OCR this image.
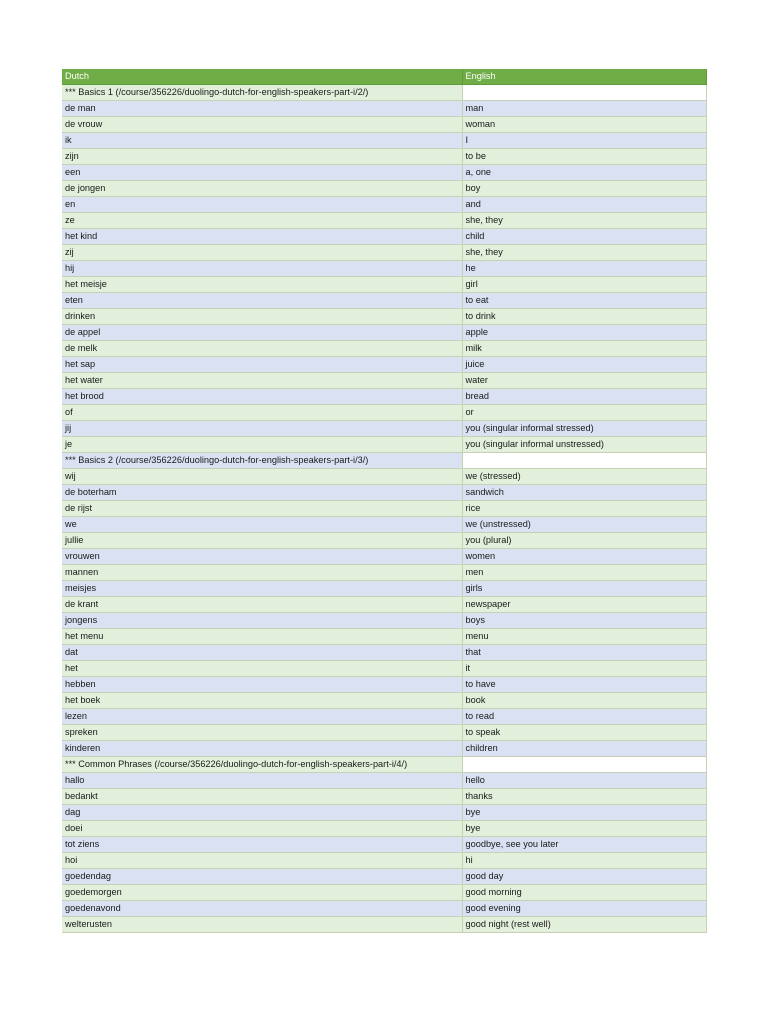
Dutch	English
*** Basics 1 (/course/356226/duolingo-dutch-for-english-speakers-part-i/2/)	
de man	man
de vrouw	woman
ik	I
zijn	to be
een	a, one
de jongen	boy
en	and
ze	she, they
het kind	child
zij	she, they
hij	he
het meisje	girl
eten	to eat
drinken	to drink
de appel	apple
de melk	milk
het sap	juice
het water	water
het brood	bread
of	or
jij	you (singular informal stressed)
je	you (singular informal unstressed)
*** Basics 2 (/course/356226/duolingo-dutch-for-english-speakers-part-i/3/)	
wij	we (stressed)
de boterham	sandwich
de rijst	rice
we	we (unstressed)
jullie	you (plural)
vrouwen	women
mannen	men
meisjes	girls
de krant	newspaper
jongens	boys
het menu	menu
dat	that
het	it
hebben	to have
het boek	book
lezen	to read
spreken	to speak
kinderen	children
*** Common Phrases (/course/356226/duolingo-dutch-for-english-speakers-part-i/4/)	
hallo	hello
bedankt	thanks
dag	bye
doei	bye
tot ziens	goodbye, see you later
hoi	hi
goedendag	good day
goedemorgen	good morning
goedenavond	good evening
welterusten	good night (rest well)
